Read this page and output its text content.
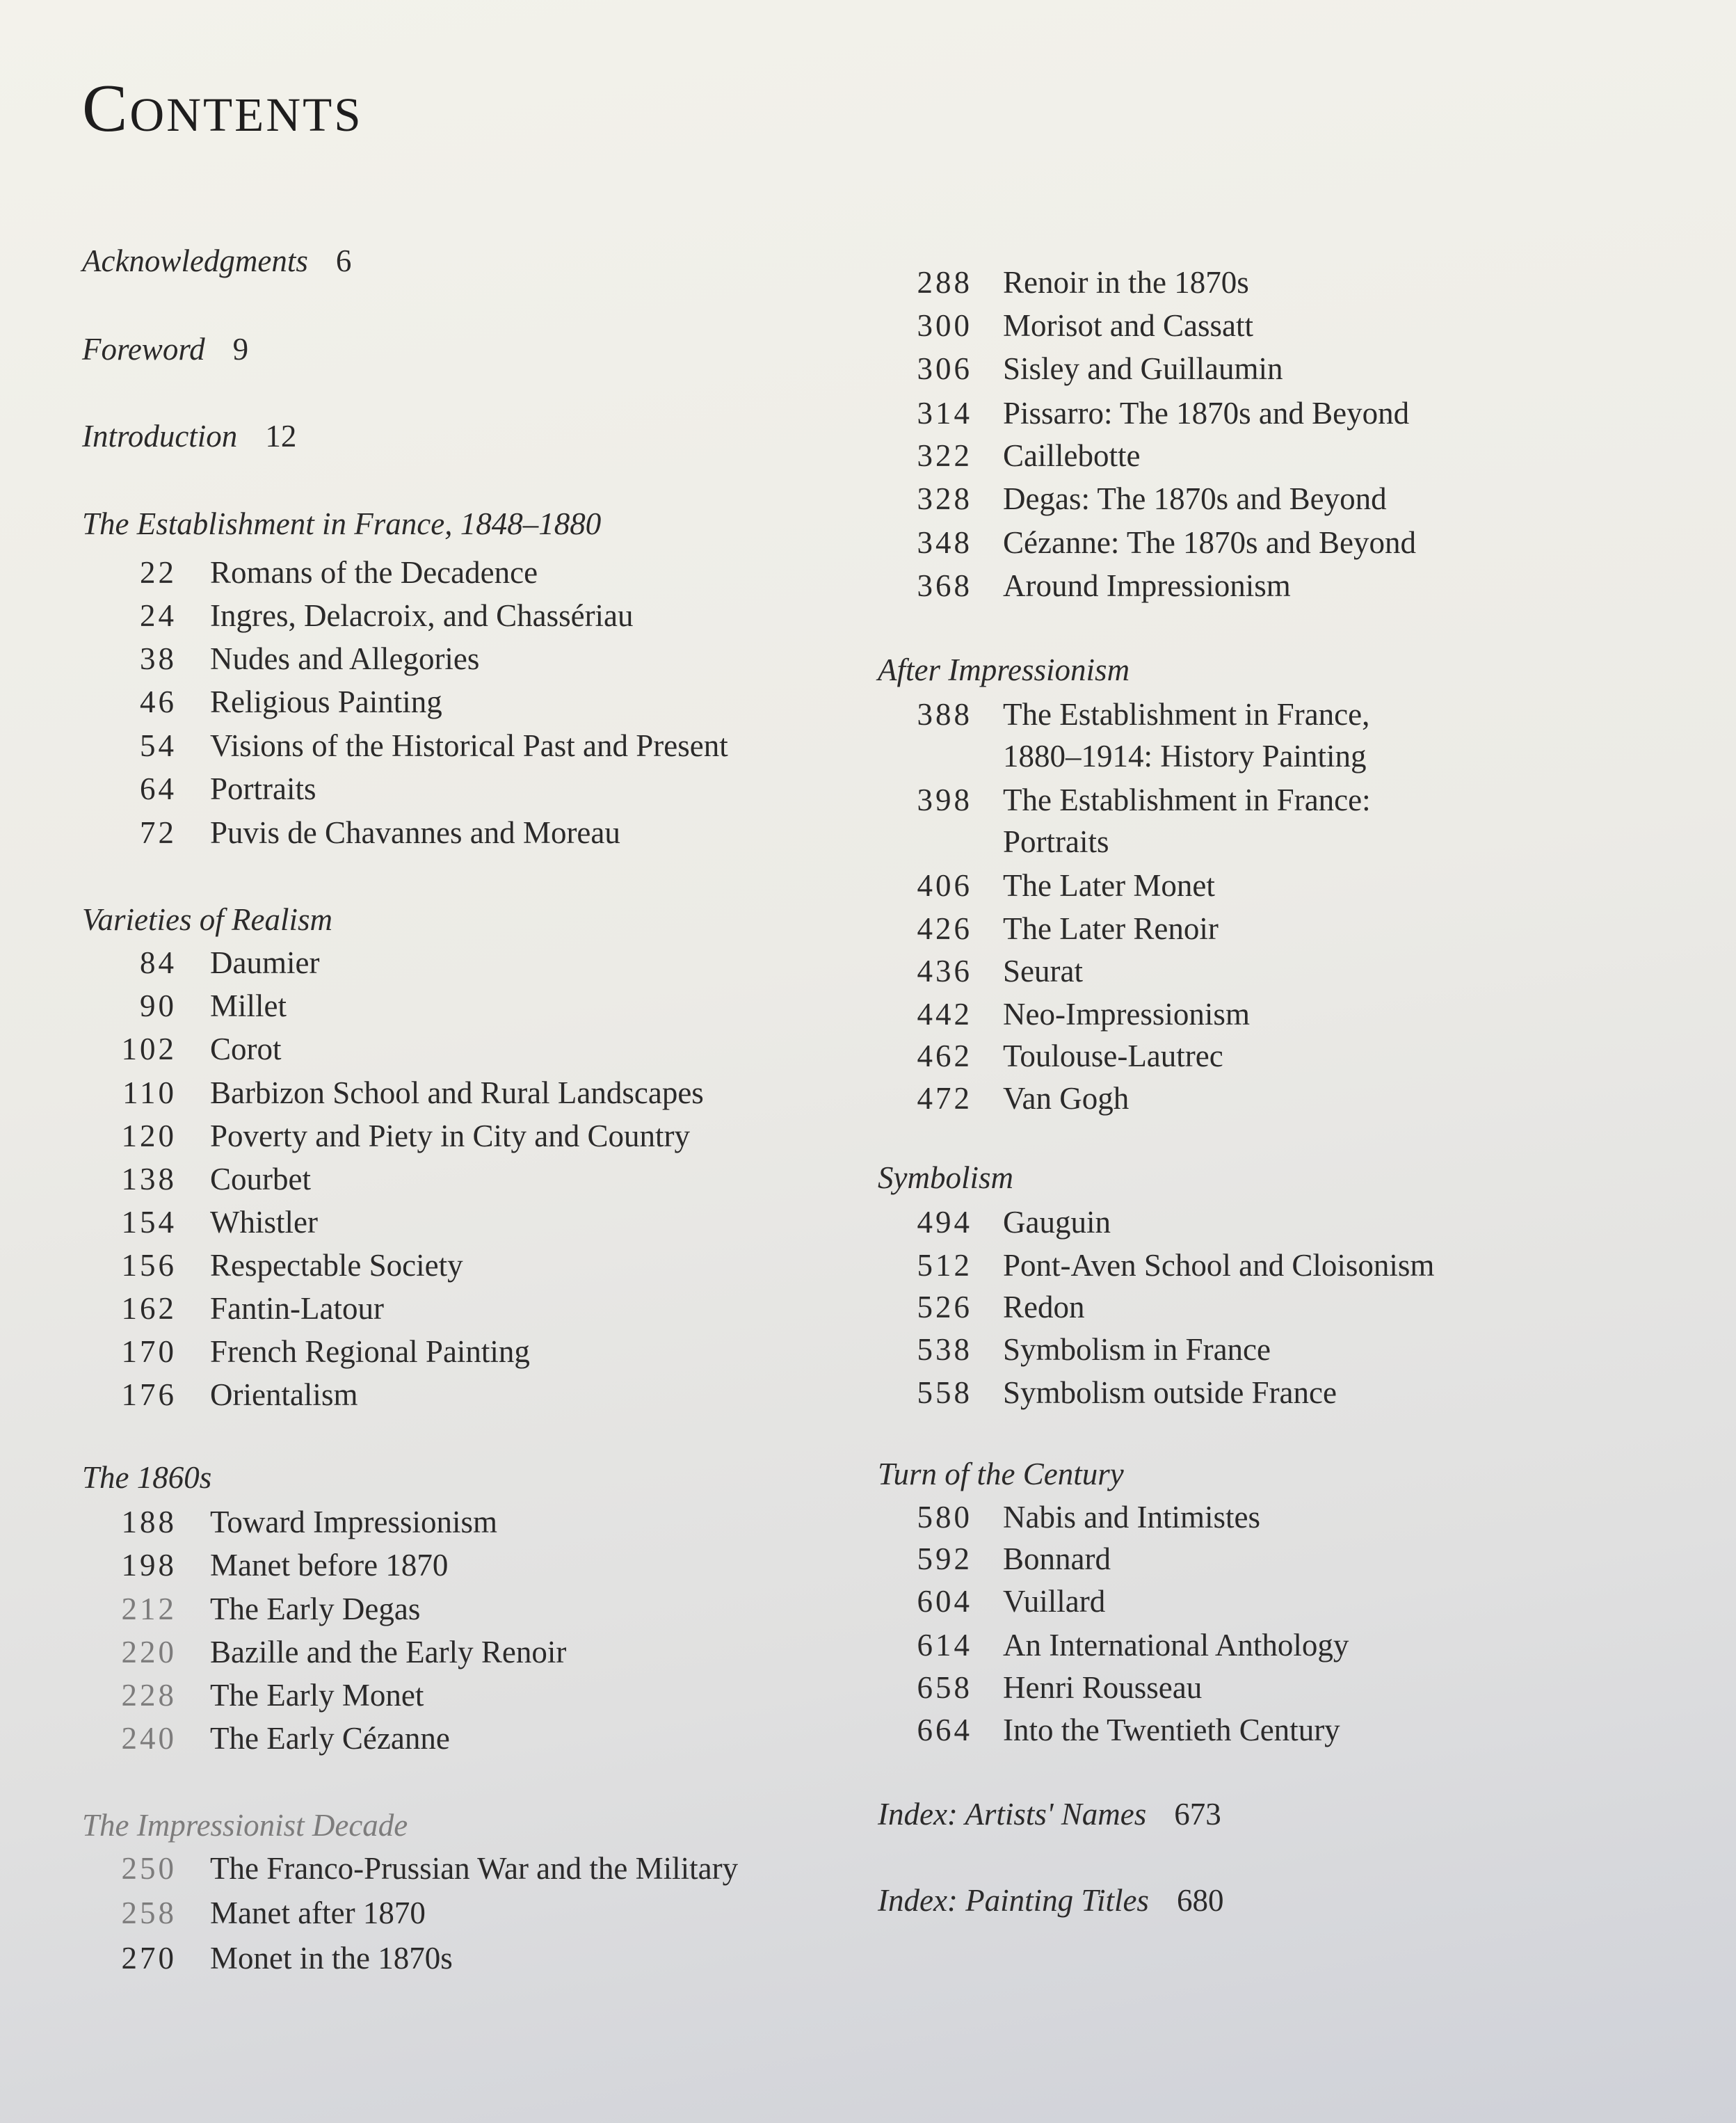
Contents
Acknowledgments 6
Foreword 9
Introduction 12
The Establishment in France, 1848–1880
22 Romans of the Decadence
24 Ingres, Delacroix, and Chassériau
38 Nudes and Allegories
46 Religious Painting
54 Visions of the Historical Past and Present
64 Portraits
72 Puvis de Chavannes and Moreau
Varieties of Realism
84 Daumier
90 Millet
102 Corot
110 Barbizon School and Rural Landscapes
120 Poverty and Piety in City and Country
138 Courbet
154 Whistler
156 Respectable Society
162 Fantin-Latour
170 French Regional Painting
176 Orientalism
The 1860s
188 Toward Impressionism
198 Manet before 1870
212 The Early Degas
220 Bazille and the Early Renoir
228 The Early Monet
240 The Early Cézanne
The Impressionist Decade
250 The Franco-Prussian War and the Military
258 Manet after 1870
270 Monet in the 1870s
288 Renoir in the 1870s
300 Morisot and Cassatt
306 Sisley and Guillaumin
314 Pissarro: The 1870s and Beyond
322 Caillebotte
328 Degas: The 1870s and Beyond
348 Cézanne: The 1870s and Beyond
368 Around Impressionism
After Impressionism
388 The Establishment in France,
1880–1914: History Painting
398 The Establishment in France:
Portraits
406 The Later Monet
426 The Later Renoir
436 Seurat
442 Neo-Impressionism
462 Toulouse-Lautrec
472 Van Gogh
Symbolism
494 Gauguin
512 Pont-Aven School and Cloisonism
526 Redon
538 Symbolism in France
558 Symbolism outside France
Turn of the Century
580 Nabis and Intimistes
592 Bonnard
604 Vuillard
614 An International Anthology
658 Henri Rousseau
664 Into the Twentieth Century
Index: Artists' Names 673
Index: Painting Titles 680
